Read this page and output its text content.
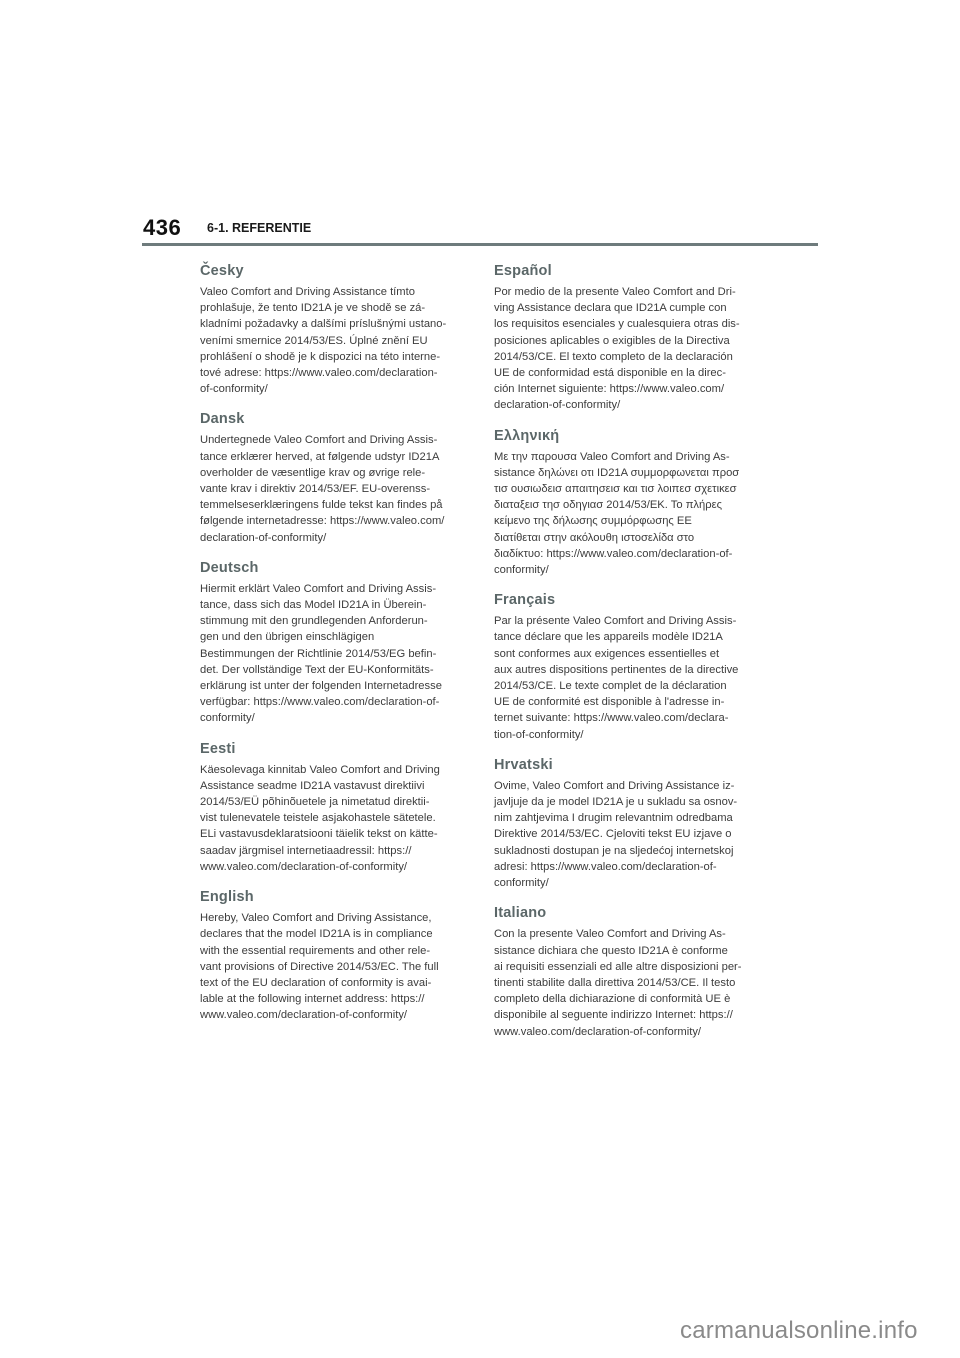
436 6-1. REFERENTIE
Česky
Valeo Comfort and Driving Assistance tímto
prohlašuje, že tento ID21A je ve shodě se zá-
kladními požadavky a dalšími príslušnými ustano-
veními smernice 2014/53/ES. Úplné znění EU
prohlášení o shodě je k dispozici na této interne-
tové adrese: https://www.valeo.com/declaration-
of-conformity/
Dansk
Undertegnede Valeo Comfort and Driving Assis-
tance erklærer herved, at følgende udstyr ID21A
overholder de væsentlige krav og øvrige rele-
vante krav i direktiv 2014/53/EF. EU-overenss-
temmelseserklæringens fulde tekst kan findes på
følgende internetadresse: https://www.valeo.com/
declaration-of-conformity/
Deutsch
Hiermit erklärt Valeo Comfort and Driving Assis-
tance, dass sich das Model ID21A in Überein-
stimmung mit den grundlegenden Anforderun-
gen und den übrigen einschlägigen
Bestimmungen der Richtlinie 2014/53/EG befin-
det. Der vollständige Text der EU-Konformitäts-
erklärung ist unter der folgenden Internetadresse
verfügbar: https://www.valeo.com/declaration-of-
conformity/
Eesti
Käesolevaga kinnitab Valeo Comfort and Driving
Assistance seadme ID21A vastavust direktiivi
2014/53/EÜ põhinõuetele ja nimetatud direktii-
vist tulenevatele teistele asjakohastele sätetele.
ELi vastavusdeklaratsiooni täielik tekst on kätte-
saadav järgmisel internetiaadressil: https://
www.valeo.com/declaration-of-conformity/
English
Hereby, Valeo Comfort and Driving Assistance,
declares that the model ID21A is in compliance
with the essential requirements and other rele-
vant provisions of Directive 2014/53/EC. The full
text of the EU declaration of conformity is avai-
lable at the following internet address: https://
www.valeo.com/declaration-of-conformity/
Español
Por medio de la presente Valeo Comfort and Dri-
ving Assistance declara que ID21A cumple con
los requisitos esenciales y cualesquiera otras dis-
posiciones aplicables o exigibles de la Directiva
2014/53/CE. El texto completo de la declaración
UE de conformidad está disponible en la direc-
ción Internet siguiente: https://www.valeo.com/
declaration-of-conformity/
Ελληνική
Με την παρουσα Valeo Comfort and Driving As-
sistance δηλώνει οτι ID21A συμμορφωνεται προσ
τισ ουσιωδεισ απαιτησεισ και τισ λοιπεσ σχετικεσ
διαταξεισ τησ οδηγιασ 2014/53/ΕΚ. Το πλήρες
κείμενο της δήλωσης συμμόρφωσης ΕΕ
διατίθεται στην ακόλουθη ιστοσελίδα στο
διαδίκτυο: https://www.valeo.com/declaration-of-
conformity/
Français
Par la présente Valeo Comfort and Driving Assis-
tance déclare que les appareils modèle ID21A
sont conformes aux exigences essentielles et
aux autres dispositions pertinentes de la directive
2014/53/CE. Le texte complet de la déclaration
UE de conformité est disponible à l'adresse in-
ternet suivante: https://www.valeo.com/declara-
tion-of-conformity/
Hrvatski
Ovime, Valeo Comfort and Driving Assistance iz-
javljuje da je model ID21A je u sukladu sa osnov-
nim zahtjevima I drugim relevantnim odredbama
Direktive 2014/53/EC. Cjeloviti tekst EU izjave o
sukladnosti dostupan je na sljedećoj internetskoj
adresi: https://www.valeo.com/declaration-of-
conformity/
Italiano
Con la presente Valeo Comfort and Driving As-
sistance dichiara che questo ID21A è conforme
ai requisiti essenziali ed alle altre disposizioni per-
tinenti stabilite dalla direttiva 2014/53/CE. Il testo
completo della dichiarazione di conformità UE è
disponibile al seguente indirizzo Internet: https://
www.valeo.com/declaration-of-conformity/
carmanualsonline.info
